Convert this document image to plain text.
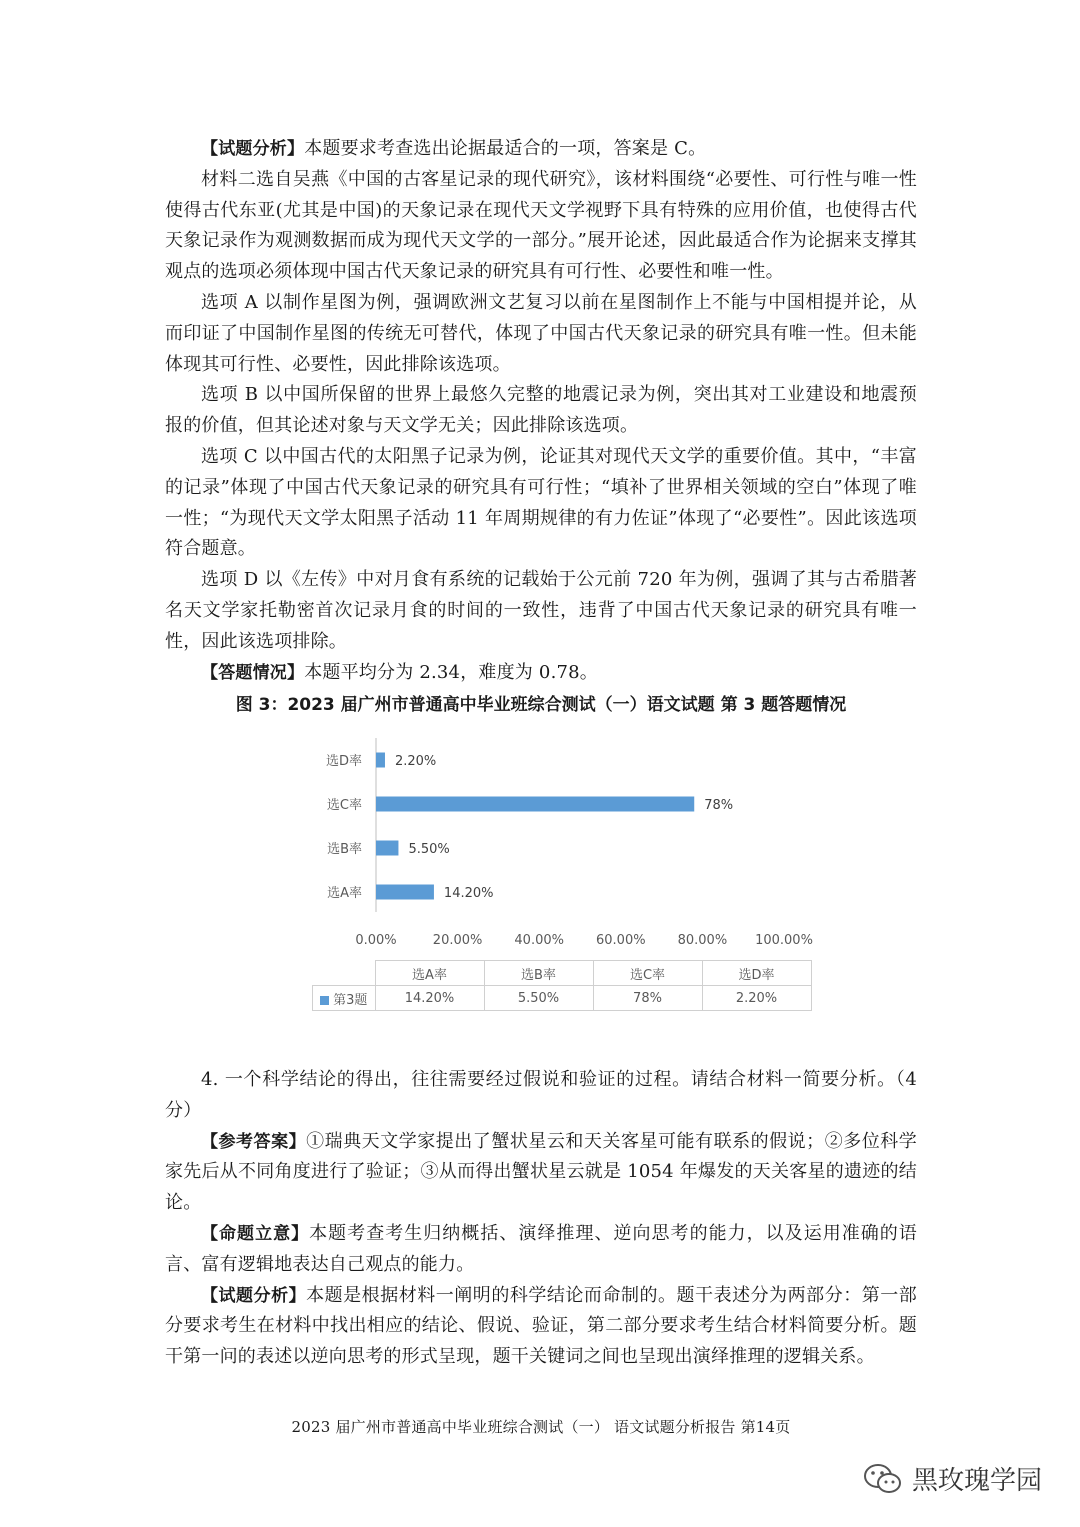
【试题分析】本题要求考查选出论据最适合的一项，答案是 C。

材料二选自吴燕《中国的古客星记录的现代研究》，该材料围绕“必要性、可行性与唯一性使得古代东亚(尤其是中国)的天象记录在现代天文学视野下具有特殊的应用价值，也使得古代天象记录作为观测数据而成为现代天文学的一部分。”展开论述，因此最适合作为论据来支撑其观点的选项必须体现中国古代天象记录的研究具有可行性、必要性和唯一性。

选项 A 以制作星图为例，强调欧洲文艺复习以前在星图制作上不能与中国相提并论，从而印证了中国制作星图的传统无可替代，体现了中国古代天象记录的研究具有唯一性。但未能体现其可行性、必要性，因此排除该选项。

选项 B 以中国所保留的世界上最悠久完整的地震记录为例，突出其对工业建设和地震预报的价值，但其论述对象与天文学无关；因此排除该选项。

选项 C 以中国古代的太阳黑子记录为例，论证其对现代天文学的重要价值。其中，“丰富的记录”体现了中国古代天象记录的研究具有可行性；“填补了世界相关领域的空白”体现了唯一性；“为现代天文学太阳黑子活动 11 年周期规律的有力佐证”体现了“必要性”。因此该选项符合题意。

选项 D 以《左传》中对月食有系统的记载始于公元前 720 年为例，强调了其与古希腊著名天文学家托勒密首次记录月食的时间的一致性，违背了中国古代天象记录的研究具有唯一性，因此该选项排除。

【答题情况】本题平均分为 2.34，难度为 0.78。

图 3：2023 届广州市普通高中毕业班综合测试（一）语文试题 第 3 题答题情况
选D率	2.20%
选C率	78%
选B率	5.50%
选A率	14.20%
0.00%	20.00% 40.00% 60.00% 80.00% 100.00%
	选A率	选B率	选C率	选D率
第3题	14.20%	5.50%	78%	2.20%

4. 一个科学结论的得出，往往需要经过假说和验证的过程。请结合材料一简要分析。（4 分）

【参考答案】①瑞典天文学家提出了蟹状星云和天关客星可能有联系的假说；②多位科学家先后从不同角度进行了验证；③从而得出蟹状星云就是 1054 年爆发的天关客星的遗迹的结论。

【命题立意】本题考查考生归纳概括、演绎推理、逆向思考的能力，以及运用准确的语言、富有逻辑地表达自己观点的能力。

【试题分析】本题是根据材料一阐明的科学结论而命制的。题干表述分为两部分：第一部分要求考生在材料中找出相应的结论、假说、验证，第二部分要求考生结合材料简要分析。题干第一问的表述以逆向思考的形式呈现，题干关键词之间也呈现出演绎推理的逻辑关系。

2023 届广州市普通高中毕业班综合测试（一） 语文试题分析报告 第14页
黑玫瑰学园
